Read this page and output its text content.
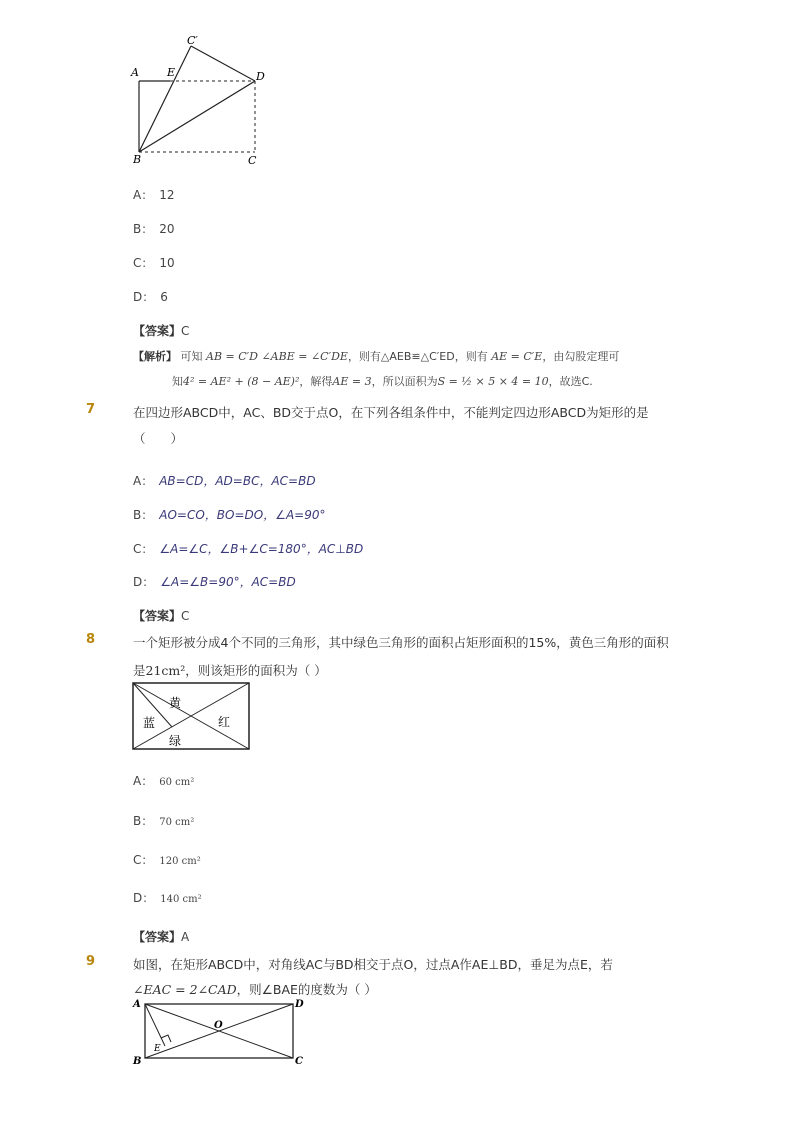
A	E
C′
D
B	C
A： 12
B： 20
C： 10
D： 6
【答案】C
【解析】 可知 AB = C′D ∠ABE = ∠C′DE，则有△AEB≌△C′ED，则有 AE = C′E，由勾股定理可
知4² = AE² + (8 − AE)²，解得AE = 3，所以面积为S = ½ × 5 × 4 = 10，故选C.
7	在四边形ABCD中，AC、BD交于点O，在下列各组条件中，不能判定四边形ABCD为矩形的是
（　　）
A： AB=CD，AD=BC，AC=BD
B： AO=CO，BO=DO，∠A=90°
C： ∠A=∠C，∠B+∠C=180°，AC⊥BD
D： ∠A=∠B=90°，AC=BD
【答案】C
8	一个矩形被分成4个不同的三角形，其中绿色三角形的面积占矩形面积的15%，黄色三角形的面积
是21cm²，则该矩形的面积为（ ）
黄
蓝	红
绿
A： 60 cm²
B： 70 cm²
C： 120 cm²
D： 140 cm²
【答案】A
9	如图，在矩形ABCD中，对角线AC与BD相交于点O，过点A作AE⊥BD，垂足为点E，若
∠EAC = 2∠CAD，则∠BAE的度数为（ ）
A	D
O
E
B	C
